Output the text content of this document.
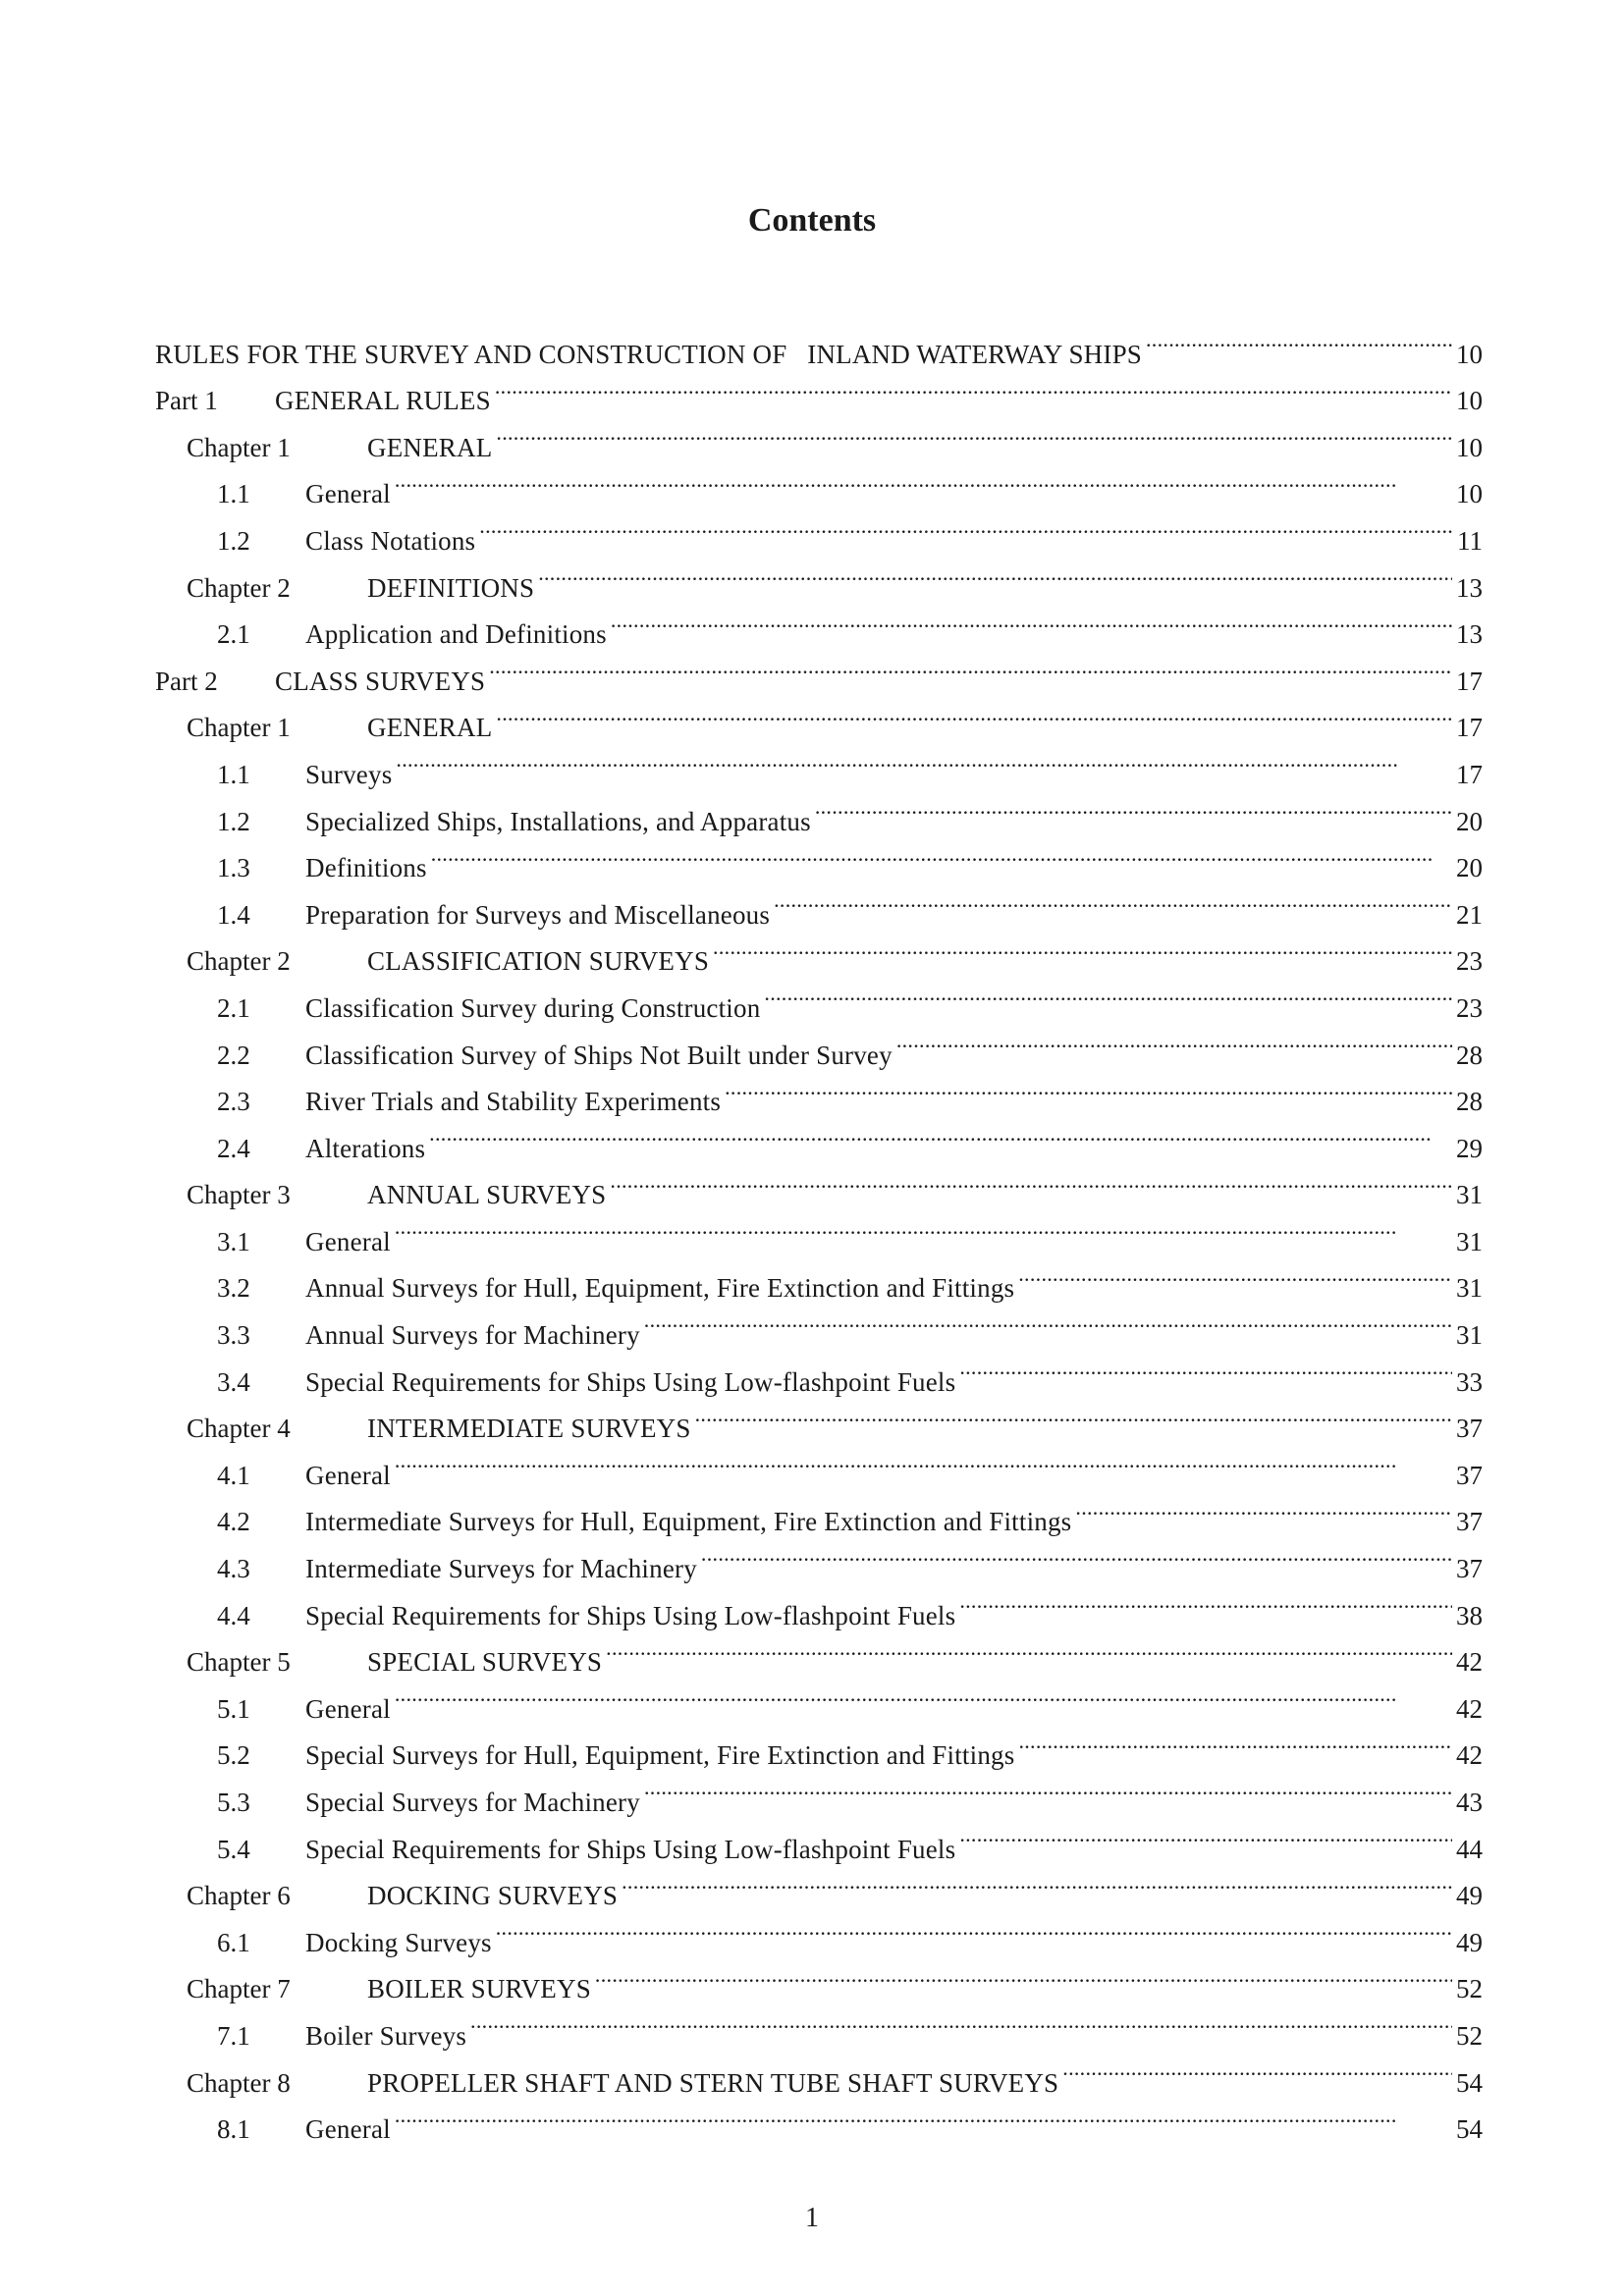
Contents
RULES FOR THE SURVEY AND CONSTRUCTION OF   INLAND WATERWAY SHIPS . . .	10
Part 1	GENERAL RULES . . .	10
Chapter 1	GENERAL . . .	10
1.1	General . . .	10
1.2	Class Notations . . .	11
Chapter 2	DEFINITIONS . . .	13
2.1	Application and Definitions . . .	13
Part 2	CLASS SURVEYS . . .	17
Chapter 1	GENERAL . . .	17
1.1	Surveys . . .	17
1.2	Specialized Ships, Installations, and Apparatus . . .	20
1.3	Definitions . . .	20
1.4	Preparation for Surveys and Miscellaneous . . .	21
Chapter 2	CLASSIFICATION SURVEYS . . .	23
2.1	Classification Survey during Construction . . .	23
2.2	Classification Survey of Ships Not Built under Survey . . .	28
2.3	River Trials and Stability Experiments . . .	28
2.4	Alterations . . .	29
Chapter 3	ANNUAL SURVEYS . . .	31
3.1	General . . .	31
3.2	Annual Surveys for Hull, Equipment, Fire Extinction and Fittings . . .	31
3.3	Annual Surveys for Machinery . . .	31
3.4	Special Requirements for Ships Using Low-flashpoint Fuels . . .	33
Chapter 4	INTERMEDIATE SURVEYS . . .	37
4.1	General . . .	37
4.2	Intermediate Surveys for Hull, Equipment, Fire Extinction and Fittings . . .	37
4.3	Intermediate Surveys for Machinery . . .	37
4.4	Special Requirements for Ships Using Low-flashpoint Fuels . . .	38
Chapter 5	SPECIAL SURVEYS . . .	42
5.1	General . . .	42
5.2	Special Surveys for Hull, Equipment, Fire Extinction and Fittings . . .	42
5.3	Special Surveys for Machinery . . .	43
5.4	Special Requirements for Ships Using Low-flashpoint Fuels . . .	44
Chapter 6	DOCKING SURVEYS . . .	49
6.1	Docking Surveys . . .	49
Chapter 7	BOILER SURVEYS . . .	52
7.1	Boiler Surveys . . .	52
Chapter 8	PROPELLER SHAFT AND STERN TUBE SHAFT SURVEYS . . .	54
8.1	General . . .	54
1
